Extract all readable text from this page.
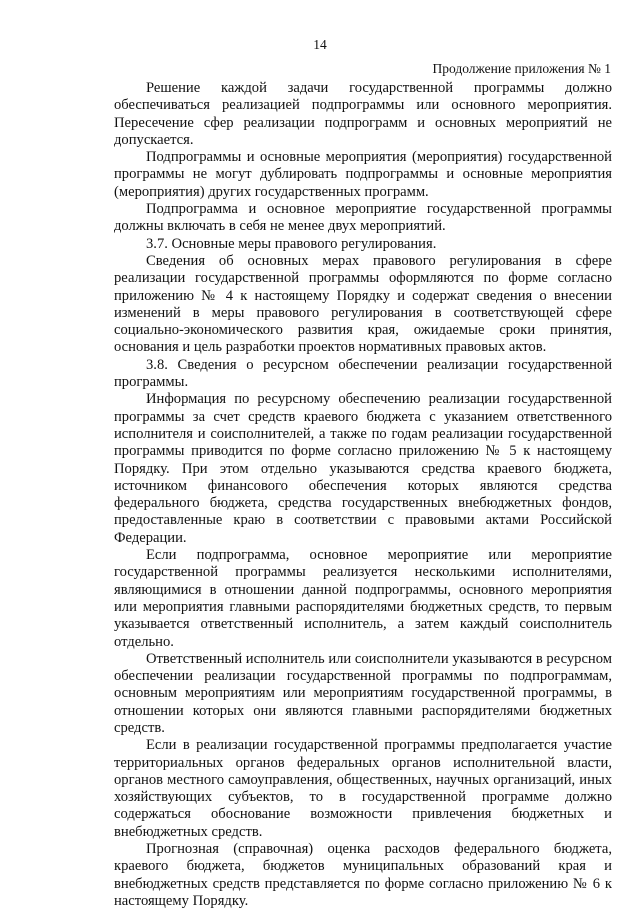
14
Продолжение приложения № 1

Решение каждой задачи государственной программы должно обеспечиваться реализацией подпрограммы или основного мероприятия. Пересечение сфер реализации подпрограмм и основных мероприятий не допускается.

Подпрограммы и основные мероприятия (мероприятия) государственной программы не могут дублировать подпрограммы и основные мероприятия (мероприятия) других государственных программ.

Подпрограмма и основное мероприятие государственной программы должны включать в себя не менее двух мероприятий.

3.7. Основные меры правового регулирования.

Сведения об основных мерах правового регулирования в сфере реализации государственной программы оформляются по форме согласно приложению № 4 к настоящему Порядку и содержат сведения о внесении изменений в меры правового регулирования в соответствующей сфере социально-экономического развития края, ожидаемые сроки принятия, основания и цель разработки проектов нормативных правовых актов.

3.8. Сведения о ресурсном обеспечении реализации государственной программы.

Информация по ресурсному обеспечению реализации государственной программы за счет средств краевого бюджета с указанием ответственного исполнителя и соисполнителей, а также по годам реализации государственной программы приводится по форме согласно приложению № 5 к настоящему Порядку. При этом отдельно указываются средства краевого бюджета, источником финансового обеспечения которых являются средства федерального бюджета, средства государственных внебюджетных фондов, предоставленные краю в соответствии с правовыми актами Российской Федерации.

Если подпрограмма, основное мероприятие или мероприятие государственной программы реализуется несколькими исполнителями, являющимися в отношении данной подпрограммы, основного мероприятия или мероприятия главными распорядителями бюджетных средств, то первым указывается ответственный исполнитель, а затем каждый соисполнитель отдельно.

Ответственный исполнитель или соисполнители указываются в ресурсном обеспечении реализации государственной программы по подпрограммам, основным мероприятиям или мероприятиям государственной программы, в отношении которых они являются главными распорядителями бюджетных средств.

Если в реализации государственной программы предполагается участие территориальных органов федеральных органов исполнительной власти, органов местного самоуправления, общественных, научных организаций, иных хозяйствующих субъектов, то в государственной программе должно содержаться обоснование возможности привлечения бюджетных и внебюджетных средств.

Прогнозная (справочная) оценка расходов федерального бюджета, краевого бюджета, бюджетов муниципальных образований края и внебюджетных средств представляется по форме согласно приложению № 6 к настоящему Порядку.
